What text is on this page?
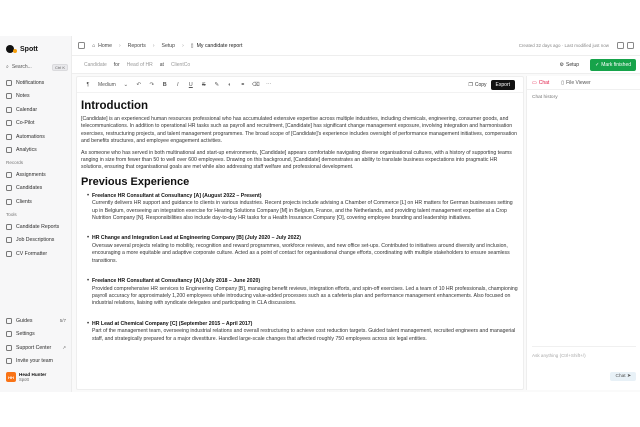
Spott
⌕ Search...	Ctrl K
Notifications
Notes
Calendar
Co-Pilot
Automations
Analytics
Records
Assignments
Candidates
Clients
Tools
Candidate Reports
Job Descriptions
CV Formatter
Guides	5/7
Settings
Support Center ↗
Invite your team
HH	Head Hunter
Spott
⌂ Home › Reports › Setup › ▯ My candidate report	Created 32 days ago · Last modified just now
Candidate for Head of HR at ClientCo	⚙ Setup	✓ Mark finished
¶	Medium ⌄ ↶ ↷ B	I	U S ✎ ◐ ⚭ ⌫ ⋯	❐ Copy	Export
Introduction

[Candidate] is an experienced human resources professional who has accumulated extensive expertise across multiple industries, including chemicals, engineering, consumer goods, and telecommunications. In addition to operational HR tasks such as payroll and recruitment, [Candidate] has significant change management exposure, involving integration and harmonisation exercises, restructuring projects, and talent management programmes. The broad scope of [Candidate]'s experience includes oversight of performance management initiatives, compensation and benefits structures, and employee engagement activities.

As someone who has served in both multinational and start-up environments, [Candidate] appears comfortable navigating diverse organisational cultures, with a history of supporting teams ranging in size from fewer than 50 to well over 600 employees. Drawing on this background, [Candidate] demonstrates an ability to translate business expectations into pragmatic HR solutions, ensuring that organisational goals are met while also addressing staff welfare and professional development.

Previous Experience
• Freelance HR Consultant at Consultancy [A] (August 2022 – Present)
Currently delivers HR support and guidance to clients in various industries. Recent projects include advising a Chamber of Commerce [L] on HR matters for German businesses setting up in Belgium, overseeing an integration exercise for Hearing Solutions Company [M] in Belgium, France, and the Netherlands, and providing talent management expertise at a Crop Nutrition Company [N]. Responsibilities also include day-to-day HR tasks for a Health Insurance Company [O], covering employee branding and leadership initiatives.
• HR Change and Integration Lead at Engineering Company [B] (July 2020 – July 2022)
Oversaw several projects relating to mobility, recognition and reward programmes, workforce reviews, and new office set-ups. Contributed to initiatives around diversity and inclusion, encouraging a more equitable and adaptive corporate culture. Acted as a point of contact for organisational change efforts, coordinating with multiple stakeholders to ensure seamless transitions.
• Freelance HR Consultant at Consultancy [A] (July 2018 – June 2020)
Provided comprehensive HR services to Engineering Company [B], managing benefit reviews, integration efforts, and spin-off exercises. Led a team of 10 HR professionals, championing payroll accuracy for approximately 1,200 employees while introducing value-added processes such as a cafeteria plan and performance management enhancements. Also focused on industrial relations, liaising with syndicate delegates and participating in CLA discussions.
• HR Lead at Chemical Company [C] (September 2015 – April 2017)
Part of the management team, overseeing industrial relations and overall restructuring to achieve cost reduction targets. Guided talent management, recruited engineers and managerial staff, and strategically prepared for a major divestiture. Handled large-scale changes that affected roughly 750 employees across six legal entities.
▭ Chat ▯ File Viewer
Chat history
Ask anything (Ctrl+Shift+/)
Chat ➤
